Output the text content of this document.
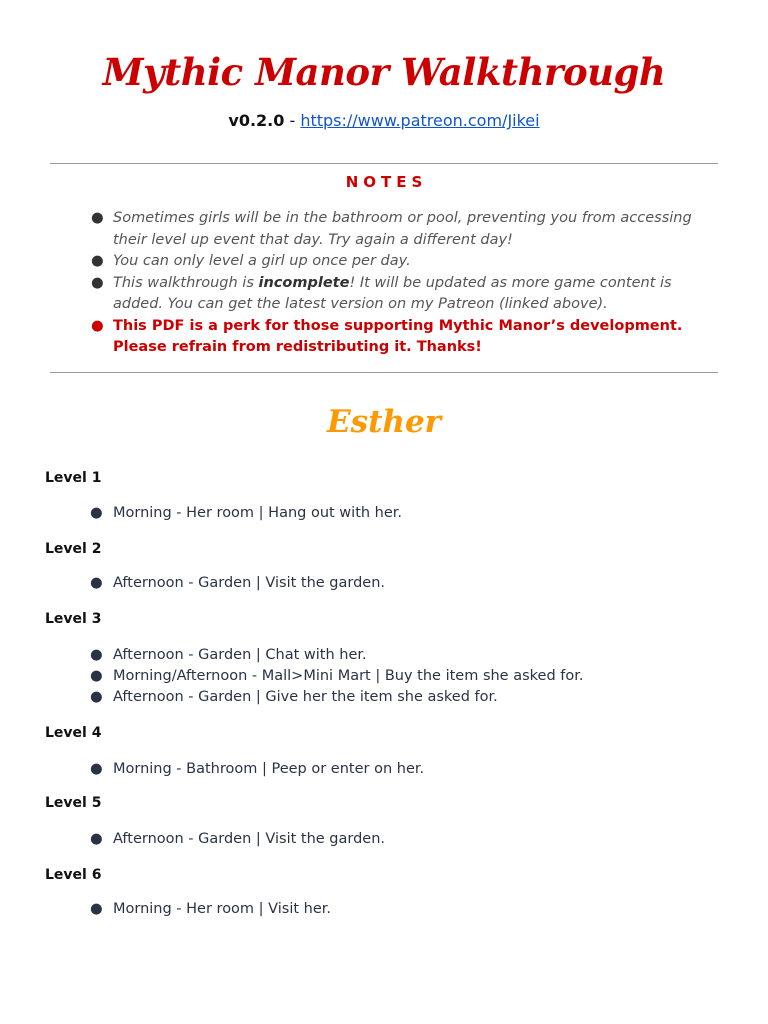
Mythic Manor Walkthrough
v0.2.0 - https://www.patreon.com/Jikei
NOTES
● Sometimes girls will be in the bathroom or pool, preventing you from accessing their level up event that day. Try again a different day!
● You can only level a girl up once per day.
● This walkthrough is incomplete! It will be updated as more game content is added. You can get the latest version on my Patreon (linked above).
● This PDF is a perk for those supporting Mythic Manor’s development. Please refrain from redistributing it. Thanks!
Esther
Level 1
● Morning - Her room | Hang out with her.
Level 2
● Afternoon - Garden | Visit the garden.
Level 3
● Afternoon - Garden | Chat with her.
● Morning/Afternoon - Mall>Mini Mart | Buy the item she asked for.
● Afternoon - Garden | Give her the item she asked for.
Level 4
● Morning - Bathroom | Peep or enter on her.
Level 5
● Afternoon - Garden | Visit the garden.
Level 6
● Morning - Her room | Visit her.
